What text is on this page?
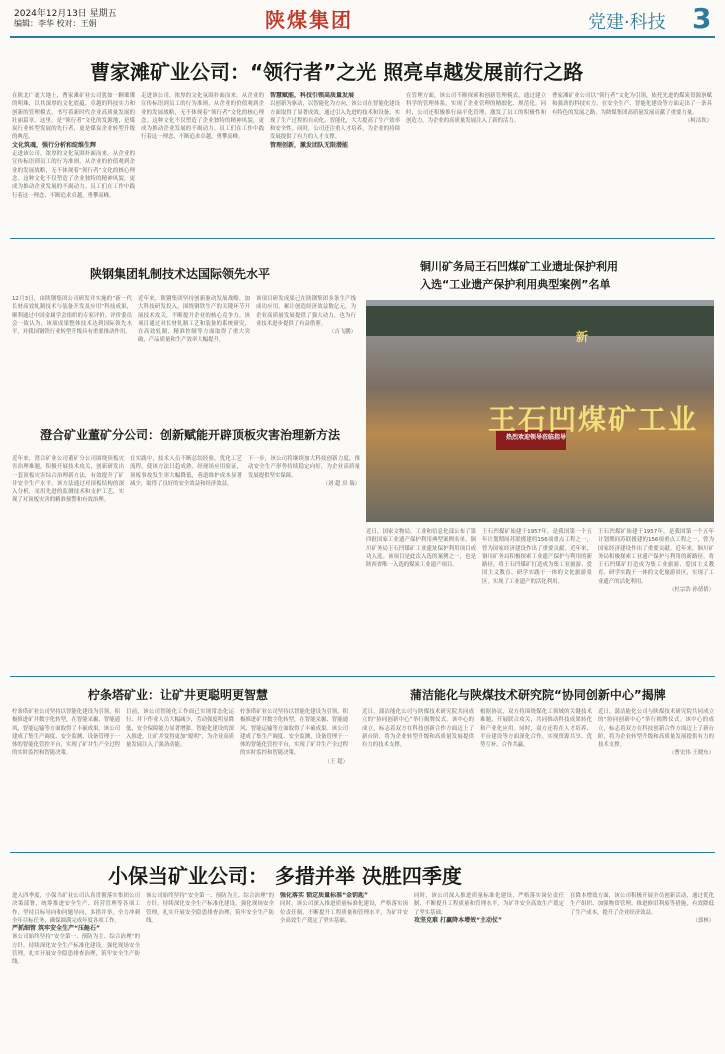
2024年12月13日 星期五
编辑：李华 校对：王娟	陕煤集团	党建·科技 3
曹家滩矿业公司：“领行者”之光 照亮卓越发展前行之路
在陕北广袤大地上，曹家滩矿业公司犹如一颗璀璨的明珠，以其深厚的文化底蕴、卓越的科技实力和创新的管理模式，书写着新时代企业高质量发展的壮丽篇章。这里，是“领行者”文化的发源地，是煤炭行业转型发展的先行者，更是煤炭企业转型升级的典范。
文化筑魂，强行分析和绽维生辉
走进该公司，浓厚的文化氛围扑面而来。从企业的宣传标语到员工的行为准则，从企业的价值观到企业的发展战略，无不体现着“领行者”文化的核心理念。这种文化不仅塑造了企业独特的精神风貌，更成为推动企业发展的不竭动力。员工们在工作中践行着这一理念，不断追求卓越，勇攀高峰。
走进该公司，浓厚的文化氛围扑面而来。从企业的宣传标语到员工的行为准则，从企业的价值观到企业的发展战略，无不体现着“领行者”文化的核心理念。这种文化不仅塑造了企业独特的精神风貌，更成为推动企业发展的不竭动力。员工们在工作中践行着这一理念，不断追求卓越，勇攀高峰。
智慧赋能，科技引领高质量发展
以创新为驱动，以智能化为方向，该公司在智能化建设方面取得了显著成效。通过引入先进的技术和设备，实现了生产过程的自动化、智能化，大大提高了生产效率和安全性。同时，公司还注重人才培养，为企业的持续发展提供了有力的人才支撑。
管理创新，激发团队无限潜能
在管理方面，该公司不断探索和创新管理模式，通过建立科学的管理体系，实现了企业管理的精细化、规范化。同时，公司还积极推行扁平化管理，激发了员工的积极性和创造力，为企业的高质量发展注入了新的活力。
曹家滩矿业公司以“领行者”文化为引领，依托先进的煤炭资源禀赋和强劲的科技实力，在安全生产、智能化建设等方面走出了一条具有特色的发展之路，为陕煤集团高质量发展贡献了重要力量。
（柯洁坎）
陕钢集团轧制技术达国际领先水平
12月3日，由陕钢集团公司研发并实施的“新一代长材高效轧制技术与装备开发及应用”科技成果，顺利通过中国金属学会组织的专家评价。评价委员会一致认为，该项成果整体技术达到国际领先水平，对我国钢铁行业转型升级具有重要推动作用。
近年来，陕钢集团坚持创新驱动发展战略，加大科技研发投入，围绕钢铁生产的关键环节开展技术攻关，不断提升企业的核心竞争力。该项目通过对长材轧制工艺和装备的系统研究，在高效轧制、精准控制等方面取得了重大突破，产品质量和生产效率大幅提升。
该项目研发成果已在陕钢集团多条生产线成功应用，累计创造经济效益数亿元，为企业高质量发展提供了强大动力，也为行业技术进步提供了有益借鉴。
（吉飞鹏）
铜川矿务局王石凹煤矿工业遗址保护利用
入选“工业遗产保护利用典型案例”名单
新
王石凹煤矿工业
热烈欢迎领导莅临指导
近日，国家文物局、工业和信息化部公布了第四批国家工业遗产保护利用典型案例名单，铜川矿务局王石凹煤矿工业遗址保护利用项目成功入选。该项目是此次入选的案例之一，也是陕西省唯一入选的煤炭工业遗产项目。
王石凹煤矿始建于1957年，是我国第一个五年计划期间苏联援建的156项重点工程之一，曾为国家经济建设作出了重要贡献。近年来，铜川矿务局积极探索工业遗产保护与利用的新路径，将王石凹煤矿打造成为集工业旅游、爱国主义教育、研学实践于一体的文化旅游景区，实现了工业遗产的活化利用。
王石凹煤矿始建于1957年，是我国第一个五年计划期间苏联援建的156项重点工程之一，曾为国家经济建设作出了重要贡献。近年来，铜川矿务局积极探索工业遗产保护与利用的新路径，将王石凹煤矿打造成为集工业旅游、爱国主义教育、研学实践于一体的文化旅游景区，实现了工业遗产的活化利用。
（杜宗浩 孙倩倩）
澄合矿业董矿分公司：创新赋能开辟顶板灾害治理新方法
近年来，澄合矿业公司董矿分公司围绕顶板灾害治理难题，积极开展技术攻关，创新研发出一套顶板灾害综合治理新方法，有效提升了矿井安全生产水平。该方法通过对顶板结构的深入分析，采用先进的监测技术和支护工艺，实现了对顶板灾害的精准预警和有效治理。
在实践中，技术人员不断总结经验，优化工艺流程，使该方法日趋成熟。经现场应用验证，顶板事故发生率大幅降低，巷道维护成本显著减少，取得了良好的安全效益和经济效益。
下一步，该公司将继续加大科技创新力度，推动安全生产形势持续稳定向好，为企业高质量发展提供坚实保障。
（刘 超 房 瑞）
柠条塔矿业：让矿井更聪明更智慧
柠条塔矿业公司坚持以智能化建设为引领，积极推进矿井数字化转型，在智能采掘、智能通风、智能运输等方面取得了丰硕成果。该公司建成了集生产调度、安全监测、设备管理于一体的智能化管控平台，实现了矿井生产全过程的实时监控和智能决策。
目前，该公司智能化工作面已实现常态化运行，井下作业人员大幅减少，劳动强度明显降低，安全保障能力显著增强。智能化建设的深入推进，让矿井变得更加“聪明”，为企业高质量发展注入了强劲动能。
柠条塔矿业公司坚持以智能化建设为引领，积极推进矿井数字化转型，在智能采掘、智能通风、智能运输等方面取得了丰硕成果。该公司建成了集生产调度、安全监测、设备管理于一体的智能化管控平台，实现了矿井生产全过程的实时监控和智能决策。
（王 超）
蒲洁能化与陕煤技术研究院“协同创新中心”揭牌
近日，蒲洁能化公司与陕煤技术研究院共同成立的“协同创新中心”举行揭牌仪式。该中心的成立，标志着双方在科技创新合作方面迈上了新台阶，将为企业转型升级和高质量发展提供有力的技术支撑。
根据协议，双方将围绕煤化工领域的关键技术难题，开展联合攻关，共同推动科技成果转化和产业化应用。同时，双方还将在人才培养、平台建设等方面深化合作，实现资源共享、优势互补、合作共赢。
近日，蒲洁能化公司与陕煤技术研究院共同成立的“协同创新中心”举行揭牌仪式。该中心的成立，标志着双方在科技创新合作方面迈上了新台阶，将为企业转型升级和高质量发展提供有力的技术支撑。
（曹宏伟 王晓东）
小保当矿业公司： 多措并举 决胜四季度
进入四季度，小保当矿业公司认真贯彻落实集团公司决策部署，统筹推进安全生产、经营管理等各项工作，坚持目标导向和问题导向，多措并举，全力冲刺全年目标任务，确保圆满完成年度各项工作。
严抓细管 筑牢安全生产“压舱石”
该公司始终坚持“安全第一、预防为主、综合治理”的方针，持续深化安全生产标准化建设，强化现场安全管理，扎实开展安全隐患排查治理，筑牢安全生产防线。
该公司始终坚持“安全第一、预防为主、综合治理”的方针，持续深化安全生产标准化建设，强化现场安全管理，扎实开展安全隐患排查治理，筑牢安全生产防线。
强化落实 锁定质量标准“金钥匙”
同时，该公司深入推进质量标准化建设，严格落实岗位责任制，不断提升工程质量和管理水平，为矿井安全高效生产奠定了坚实基础。
同时，该公司深入推进质量标准化建设，严格落实岗位责任制，不断提升工程质量和管理水平，为矿井安全高效生产奠定了坚实基础。
攻坚克难 打赢降本增效“主动仗”
在降本增效方面，该公司积极开展全员创新活动，通过优化生产组织、加强物资管理、推进修旧利废等措施，有效降低了生产成本，提升了企业经济效益。
（郭林）
